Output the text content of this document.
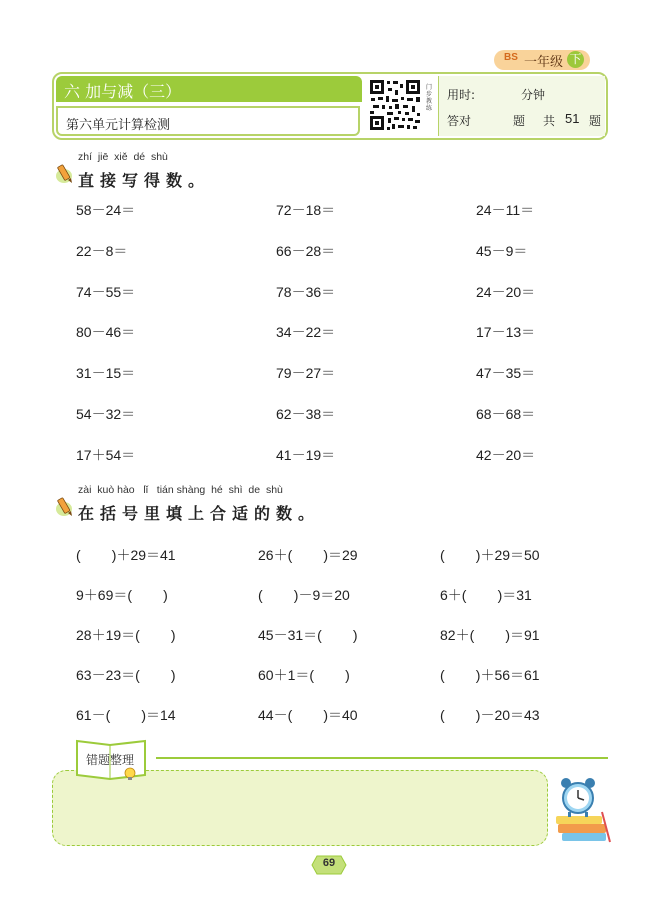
BS 一年级 下
六 加与减（三）
第六单元计算检测
门步教练
用时:	分钟
答对	题 共 51 题
zhí  jiē  xiě  dé  shù
直接写得数。
58－24＝	72－18＝	24－11＝
22－8＝	66－28＝	45－9＝
74－55＝	78－36＝	24－20＝
80－46＝	34－22＝	17－13＝
31－15＝	79－27＝	47－35＝
54－32＝	62－38＝	68－68＝
17＋54＝	41－19＝	42－20＝
zài  kuò hào   lǐ   tián shàng  hé  shì  de  shù
在括号里填上合适的数。
(        )＋29＝41	26＋(        )＝29	(        )＋29＝50
9＋69＝(        )	(        )－9＝20	6＋(        )＝31
28＋19＝(        )	45－31＝(        )	82＋(        )＝91
63－23＝(        )	60＋1＝(        )	(        )＋56＝61
61－(        )＝14	44－(        )＝40	(        )－20＝43
错题整理
69
